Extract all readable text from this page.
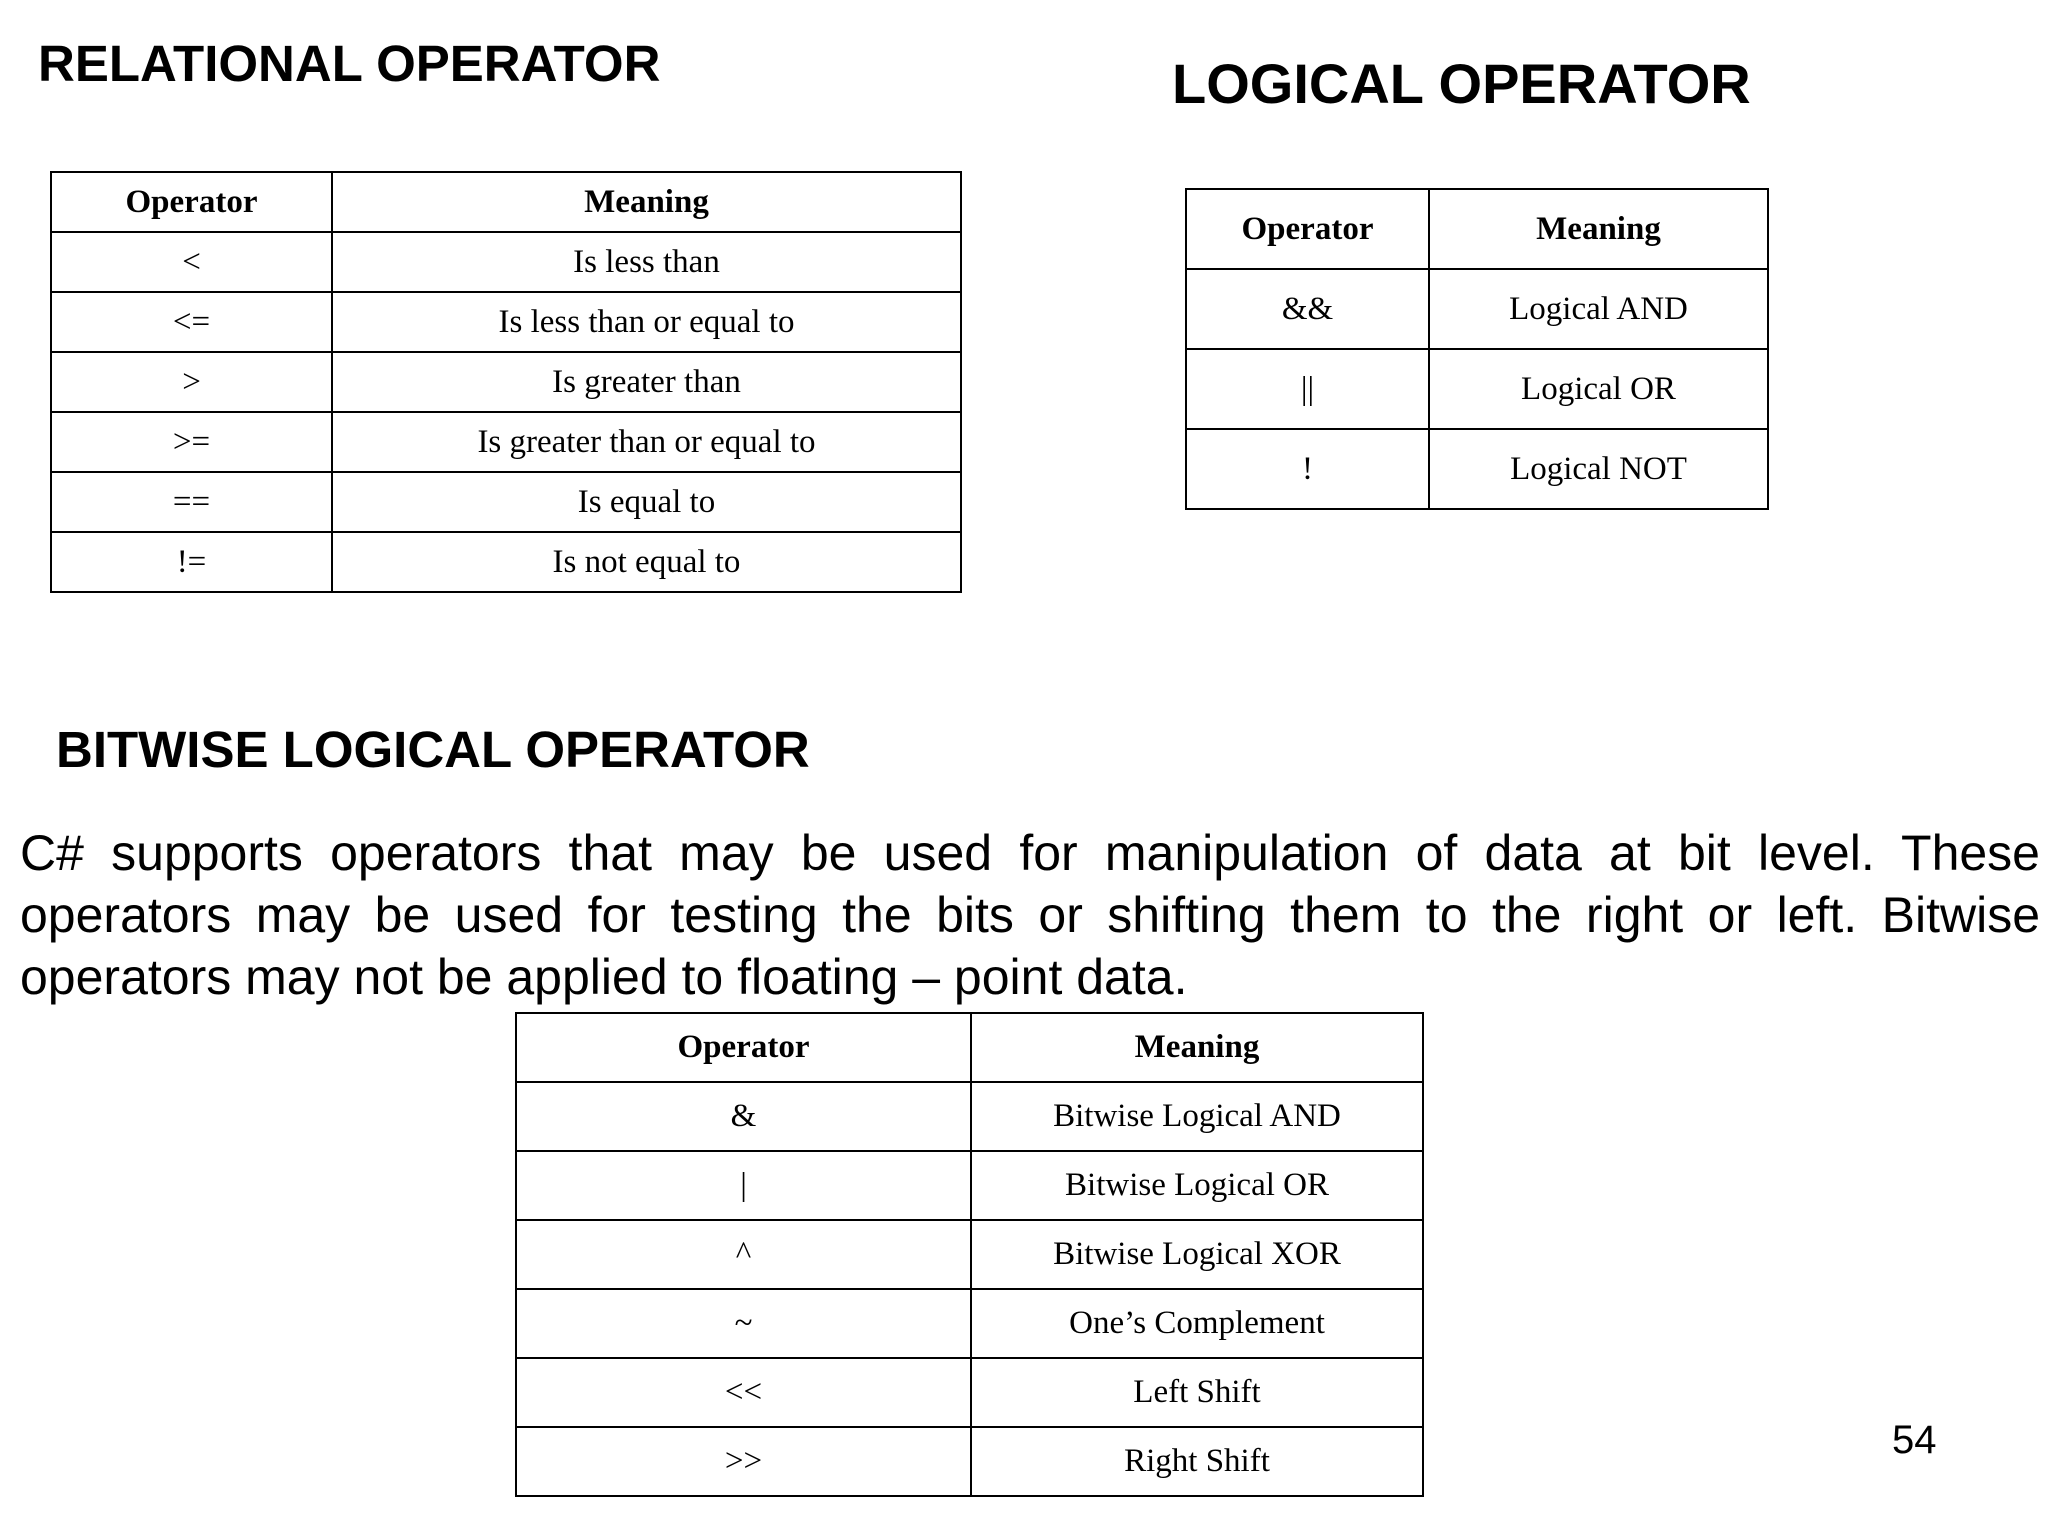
RELATIONAL OPERATOR
Operator	Meaning
<	Is less than
<=	Is less than or equal to
>	Is greater than
>=	Is greater than or equal to
==	Is equal to
!=	Is not equal to
LOGICAL OPERATOR
Operator	Meaning
&&	Logical AND
||	Logical OR
!	Logical NOT
BITWISE LOGICAL OPERATOR

C# supports operators that may be used for manipulation of data at bit level. These operators may be used for testing the bits or shifting them to the right or left. Bitwise operators may not be applied to floating – point data.

Operator	Meaning
&	Bitwise Logical AND
|	Bitwise Logical OR
^	Bitwise Logical XOR
~	One’s Complement
<<	Left Shift
>>	Right Shift	54
